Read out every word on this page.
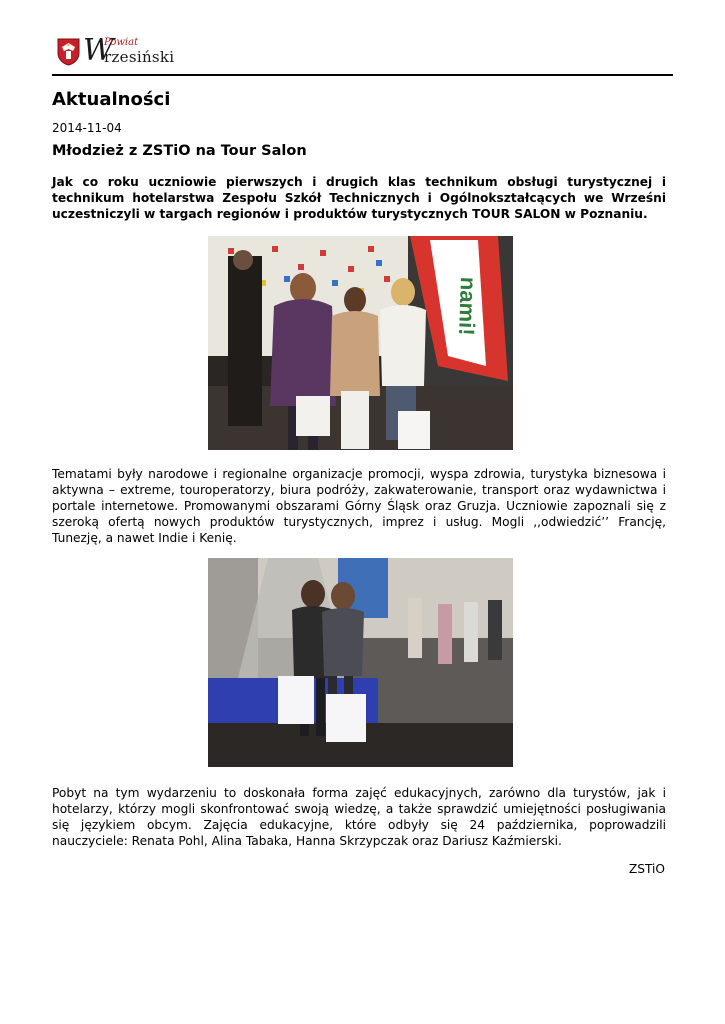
W
Powiat
rzesiński
Aktualności
2014-11-04
Młodzież z ZSTiO na Tour Salon

Jak co roku uczniowie pierwszych i drugich klas technikum obsługi turystycznej i technikum hotelarstwa Zespołu Szkół Technicznych i Ogólnokształcących we Wrześni uczestniczyli w targach regionów i produktów turystycznych TOUR SALON w Poznaniu.

nami!

Tematami były narodowe i regionalne organizacje promocji, wyspa zdrowia, turystyka biznesowa i aktywna – extreme, touroperatorzy, biura podróży, zakwaterowanie, transport oraz wydawnictwa i portale internetowe. Promowanymi obszarami Górny Śląsk oraz Gruzja. Uczniowie zapoznali się z szeroką ofertą nowych produktów turystycznych, imprez i usług. Mogli ,,odwiedzić’’ Francję, Tunezję, a nawet Indie i Kenię.

Pobyt na tym wydarzeniu to doskonała forma zajęć edukacyjnych, zarówno dla turystów, jak i hotelarzy, którzy mogli skonfrontować swoją wiedzę, a także sprawdzić umiejętności posługiwania się językiem obcym. Zajęcia edukacyjne, które odbyły się 24 października, poprowadzili nauczyciele: Renata Pohl, Alina Tabaka, Hanna Skrzypczak oraz Dariusz Kaźmierski.

ZSTiO
